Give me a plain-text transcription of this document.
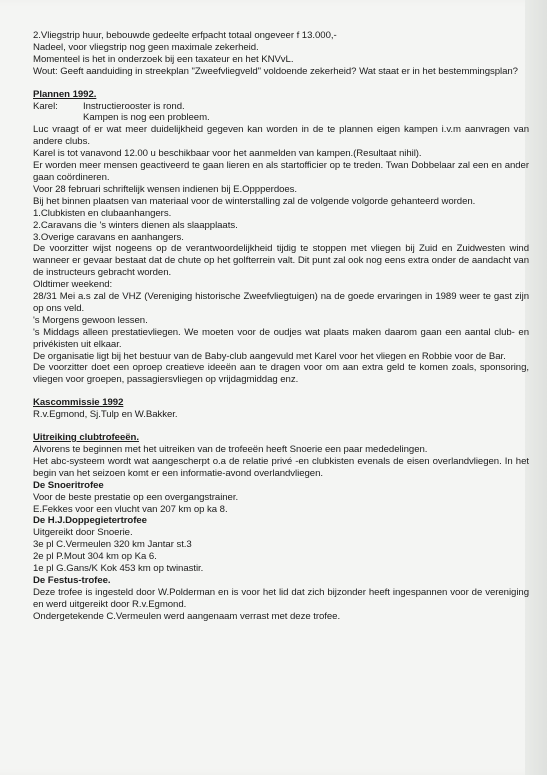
2.Vliegstrip huur, bebouwde gedeelte erfpacht totaal ongeveer f 13.000,-

Nadeel, voor vliegstrip nog geen maximale zekerheid.

Momenteel is het in onderzoek bij een taxateur en het KNVvL.

Wout: Geeft aanduiding in streekplan "Zweefvliegveld" voldoende zekerheid? Wat staat er in het bestemmingsplan?

Plannen 1992.

Karel:	Instructierooster is rond.

Kampen is nog een probleem.

Luc vraagt of er wat meer duidelijkheid gegeven kan worden in de te plannen eigen kampen i.v.m aanvragen van andere clubs.

Karel is tot vanavond 12.00 u beschikbaar voor het aanmelden van kampen.(Resultaat nihil).

Er worden meer mensen geactiveerd te gaan lieren en als startofficier op te treden. Twan Dobbelaar zal een en ander gaan coördineren.

Voor 28 februari schriftelijk wensen indienen bij E.Oppperdoes.

Bij het binnen plaatsen van materiaal voor de winterstalling zal de volgende volgorde gehanteerd worden.

1.Clubkisten en clubaanhangers.

2.Caravans die 's winters dienen als slaapplaats.

3.Overige caravans en aanhangers.

De voorzitter wijst nogeens op de verantwoordelijkheid tijdig te stoppen met vliegen bij Zuid en Zuidwesten wind wanneer er gevaar bestaat dat de chute op het golfterrein valt. Dit punt zal ook nog eens extra onder de aandacht van de instructeurs gebracht worden.

Oldtimer weekend:

28/31 Mei a.s zal de VHZ (Vereniging historische Zweefvliegtuigen) na de goede ervaringen in 1989 weer te gast zijn op ons veld.

's Morgens gewoon lessen.

's Middags alleen prestatievliegen. We moeten voor de oudjes wat plaats maken daarom gaan een aantal club- en privékisten uit elkaar.

De organisatie ligt bij het bestuur van de Baby-club aangevuld met Karel voor het vliegen en Robbie voor de Bar.

De voorzitter doet een oproep creatieve ideeën aan te dragen voor om aan extra geld te komen zoals, sponsoring, vliegen voor groepen, passagiersvliegen op vrijdagmiddag enz.

Kascommissie 1992

R.v.Egmond, Sj.Tulp en W.Bakker.

Uitreiking clubtrofeeën.

Alvorens te beginnen met het uitreiken van de trofeeën heeft Snoerie een paar mededelingen.

Het abc-systeem wordt wat aangescherpt o.a de relatie privé -en clubkisten evenals de eisen overlandvliegen. In het begin van het seizoen komt er een informatie-avond overlandvliegen.

De Snoeritrofee

Voor de beste prestatie op een overgangstrainer.

E.Fekkes voor een vlucht van 207 km op ka 8.

De H.J.Doppegietertrofee

Uitgereikt door Snoerie.

3e pl C.Vermeulen 320 km Jantar st.3

2e pl P.Mout 304 km op Ka 6.

1e pl G.Gans/K Kok 453 km op twinastir.

De Festus-trofee.

Deze trofee is ingesteld door W.Polderman en is voor het lid dat zich bijzonder heeft ingespannen voor de vereniging en werd uitgereikt door R.v.Egmond.

Ondergetekende C.Vermeulen werd aangenaam verrast met deze trofee.
